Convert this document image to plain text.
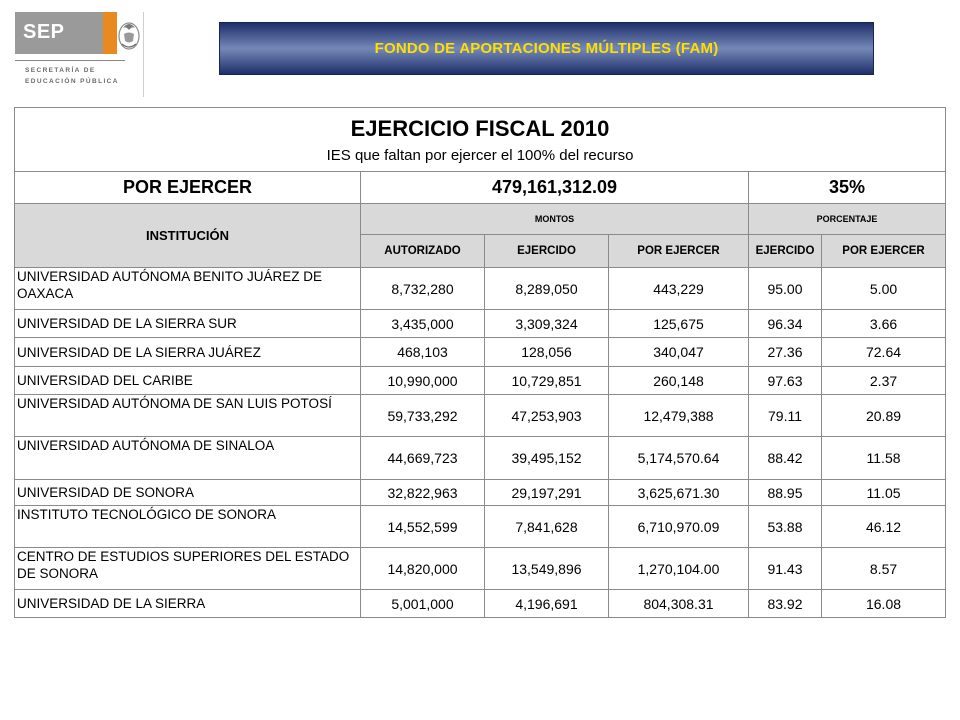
SEP
SECRETARÍA DE
EDUCACIÓN PÚBLICA
FONDO DE APORTACIONES MÚLTIPLES (FAM)
EJERCICIO FISCAL 2010
IES que faltan por ejercer el 100% del recurso					

POR EJERCER	479,161,312.09			35%	
INSTITUCIÓN	MONTOS			PORCENTAJE	
	AUTORIZADO	EJERCIDO	POR EJERCER	EJERCIDO	POR EJERCER
UNIVERSIDAD AUTÓNOMA BENITO JUÁREZ DE OAXACA	8,732,280	8,289,050	443,229	95.00	5.00
UNIVERSIDAD DE LA SIERRA SUR	3,435,000	3,309,324	125,675	96.34	3.66
UNIVERSIDAD DE LA SIERRA JUÁREZ	468,103	128,056	340,047	27.36	72.64
UNIVERSIDAD DEL CARIBE	10,990,000	10,729,851	260,148	97.63	2.37
UNIVERSIDAD AUTÓNOMA DE SAN LUIS POTOSÍ	59,733,292	47,253,903	12,479,388	79.11	20.89
UNIVERSIDAD AUTÓNOMA DE SINALOA	44,669,723	39,495,152	5,174,570.64	88.42	11.58
UNIVERSIDAD DE SONORA	32,822,963	29,197,291	3,625,671.30	88.95	11.05
INSTITUTO TECNOLÓGICO DE SONORA	14,552,599	7,841,628	6,710,970.09	53.88	46.12
CENTRO DE ESTUDIOS SUPERIORES DEL ESTADO DE SONORA	14,820,000	13,549,896	1,270,104.00	91.43	8.57
UNIVERSIDAD DE LA SIERRA	5,001,000	4,196,691	804,308.31	83.92	16.08
